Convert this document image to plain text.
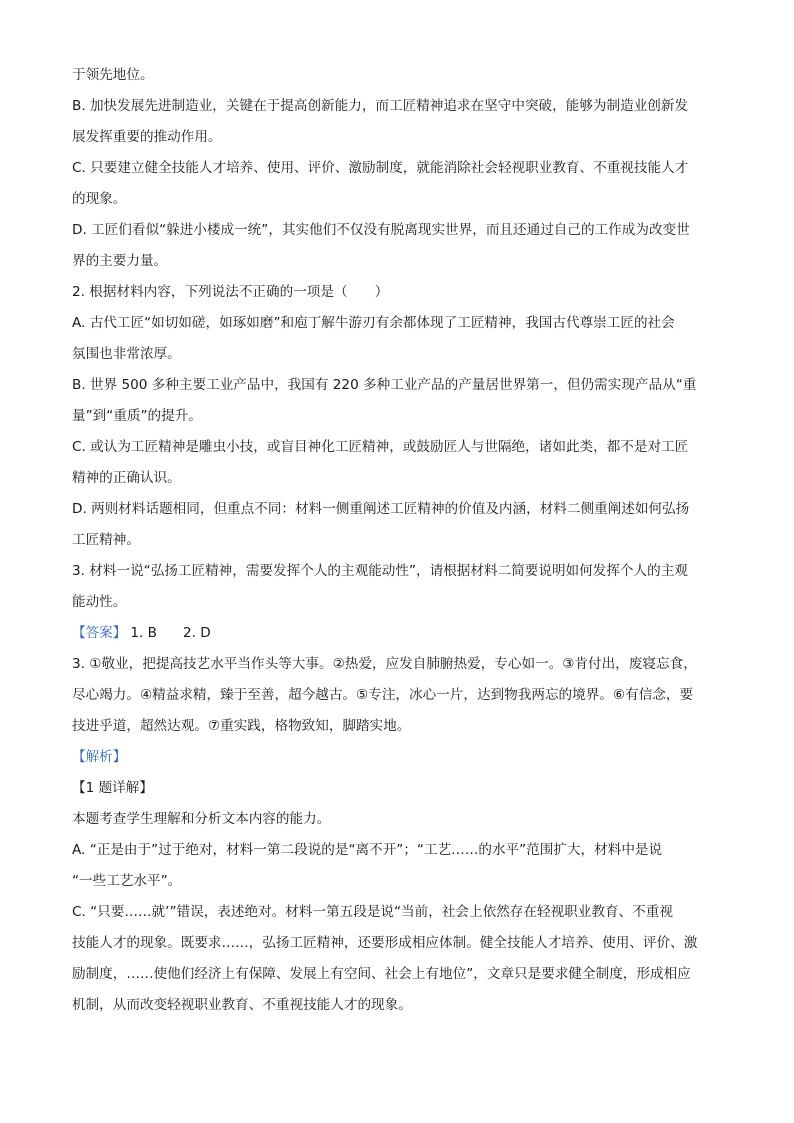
于领先地位。
B. 加快发展先进制造业，关键在于提高创新能力，而工匠精神追求在坚守中突破，能够为制造业创新发
展发挥重要的推动作用。
C. 只要建立健全技能人才培养、使用、评价、激励制度，就能消除社会轻视职业教育、不重视技能人才
的现象。
D. 工匠们看似“躲进小楼成一统”，其实他们不仅没有脱离现实世界，而且还通过自己的工作成为改变世
界的主要力量。
2. 根据材料内容，下列说法不正确的一项是（　　）
A. 古代工匠“如切如磋，如琢如磨”和庖丁解牛游刃有余都体现了工匠精神，我国古代尊崇工匠的社会
氛围也非常浓厚。
B. 世界 500 多种主要工业产品中，我国有 220 多种工业产品的产量居世界第一，但仍需实现产品从“重
量”到“重质”的提升。
C. 或认为工匠精神是雕虫小技，或盲目神化工匠精神，或鼓励匠人与世隔绝，诸如此类，都不是对工匠
精神的正确认识。
D. 两则材料话题相同，但重点不同：材料一侧重阐述工匠精神的价值及内涵，材料二侧重阐述如何弘扬
工匠精神。
3. 材料一说“弘扬工匠精神，需要发挥个人的主观能动性”，请根据材料二简要说明如何发挥个人的主观
能动性。
【答案】 1. B 2. D
3. ①敬业，把提高技艺水平当作头等大事。②热爱，应发自肺腑热爱，专心如一。③肯付出，废寝忘食，
尽心竭力。④精益求精，臻于至善，超今越古。⑤专注，冰心一片，达到物我两忘的境界。⑥有信念，要
技进乎道，超然达观。⑦重实践，格物致知，脚踏实地。
【解析】
【1 题详解】
本题考查学生理解和分析文本内容的能力。
A. “正是由于”过于绝对，材料一第二段说的是“离不开”；“工艺……的水平”范围扩大，材料中是说
“一些工艺水平”。
C. “只要……就’”错误，表述绝对。材料一第五段是说“当前，社会上依然存在轻视职业教育、不重视
技能人才的现象。既要求……，弘扬工匠精神，还要形成相应体制。健全技能人才培养、使用、评价、激
励制度，……使他们经济上有保障、发展上有空间、社会上有地位”，文章只是要求健全制度，形成相应
机制，从而改变轻视职业教育、不重视技能人才的现象。
